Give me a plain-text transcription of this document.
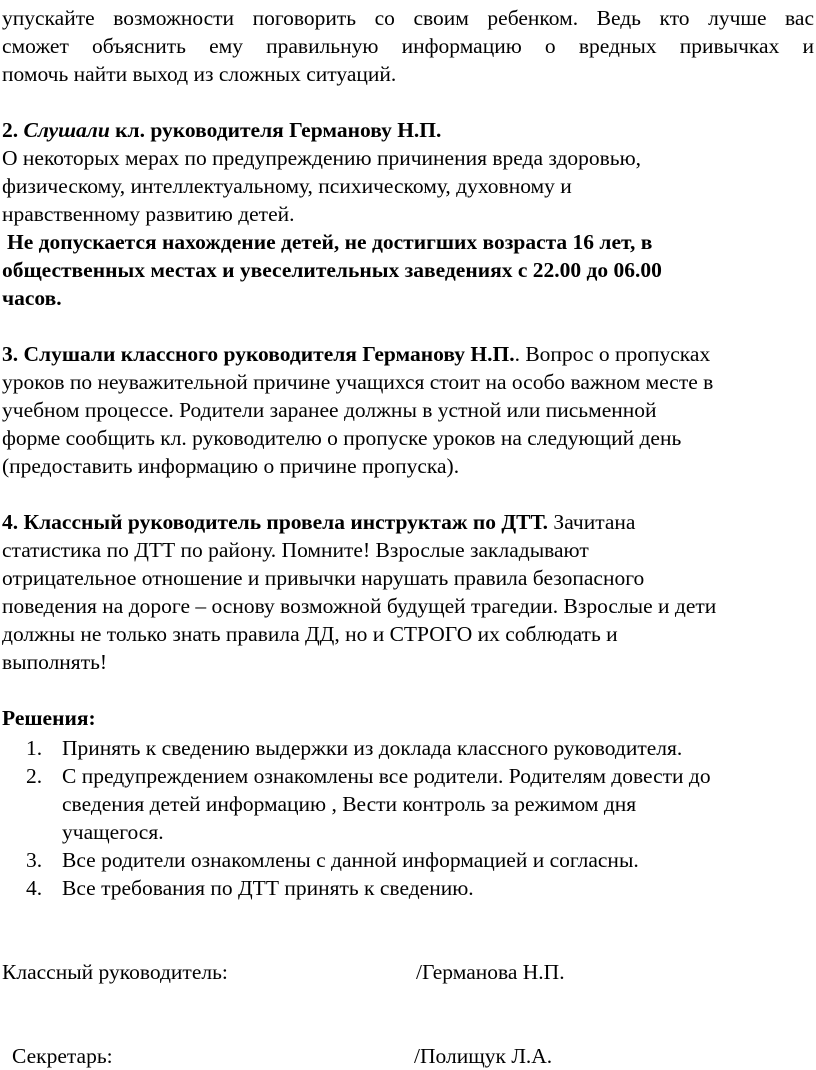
упускайте возможности поговорить со своим ребенком. Ведь кто лучше вас
сможет объяснить ему правильную информацию о вредных привычках и
помочь найти выход из сложных ситуаций.
2. Слушали кл. руководителя Германову Н.П.
О некоторых мерах по предупреждению причинения вреда здоровью,
физическому, интеллектуальному, психическому, духовному и
нравственному развитию детей.
Не допускается нахождение детей, не достигших возраста 16 лет, в
общественных местах и увеселительных заведениях с 22.00 до 06.00
часов.
3. Слушали классного руководителя Германову Н.П.. Вопрос о пропусках
уроков по неуважительной причине учащихся стоит на особо важном месте в
учебном процессе. Родители заранее должны в устной или письменной
форме сообщить кл. руководителю о пропуске уроков на следующий день
(предоставить информацию о причине пропуска).
4. Классный руководитель провела инструктаж по ДТТ. Зачитана
статистика по ДТТ по району. Помните! Взрослые закладывают
отрицательное отношение и привычки нарушать правила безопасного
поведения на дороге – основу возможной будущей трагедии. Взрослые и дети
должны не только знать правила ДД, но и СТРОГО их соблюдать и
выполнять!
Решения:
1. Принять к сведению выдержки из доклада классного руководителя.
2. С предупреждением ознакомлены все родители. Родителям довести до
сведения детей информацию , Вести контроль за режимом дня
учащегося.
3. Все родители ознакомлены с данной информацией и согласны.
4. Все требования по ДТТ принять к сведению.
Классный руководитель:	/Германова Н.П.
Секретарь:	/Полищук Л.А.
